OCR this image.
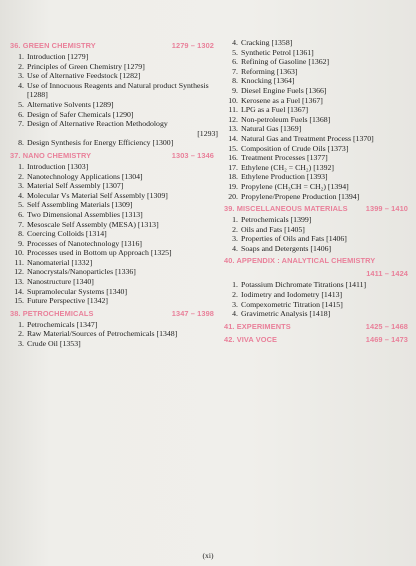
36. GREEN CHEMISTRY	1279 – 1302
1. Introduction [1279]
2. Principles of Green Chemistry [1279]
3. Use of Alternative Feedstock [1282]
4. Use of Innocuous Reagents and Natural product Synthesis [1288]
5. Alternative Solvents [1289]
6. Design of Safer Chemicals [1290]
7. Design of Alternative Reaction Methodology
[1293]
8. Design Synthesis for Energy Efficiency [1300]
37. NANO CHEMISTRY	1303 – 1346
1. Introduction [1303]
2. Nanotechnology Applications [1304]
3. Material Self Assembly [1307]
4. Molecular Vs Material Self Assembly [1309]
5. Self Assembling Materials [1309]
6. Two Dimensional Assemblies [1313]
7. Mesoscale Self Assembly (MESA) [1313]
8. Coercing Colloids [1314]
9. Processes of Nanotechnology [1316]
10. Processes used in Bottom up Approach [1325]
11. Nanomaterial [1332]
12. Nanocrystals/Nanoparticles [1336]
13. Nanostructure [1340]
14. Supramolecular Systems [1340]
15. Future Perspective [1342]
38. PETROCHEMICALS	1347 – 1398
1. Petrochemicals [1347]
2. Raw Material/Sources of Petrochemicals [1348]
3. Crude Oil [1353]
4. Cracking [1358]
5. Synthetic Petrol [1361]
6. Refining of Gasoline [1362]
7. Reforming [1363]
8. Knocking [1364]
9. Diesel Engine Fuels [1366]
10. Kerosene as a Fuel [1367]
11. LPG as a Fuel [1367]
12. Non-petroleum Fuels [1368]
13. Natural Gas [1369]
14. Natural Gas and Treatment Process [1370]
15. Composition of Crude Oils [1373]
16. Treatment Processes [1377]
17. Ethylene (CH₂ = CH₂) [1392]
18. Ethylene Production [1393]
19. Propylene (CH₃CH = CH₂) [1394]
20. Propylene/Propene Production [1394]
39. MISCELLANEOUS MATERIALS 1399 – 1410
1. Petrochemicals [1399]
2. Oils and Fats [1405]
3. Properties of Oils and Fats [1406]
4. Soaps and Detergents [1406]
40. APPENDIX : ANALYTICAL CHEMISTRY
1411 – 1424
1. Potassium Dichromate Titrations [1411]
2. Iodimetry and Iodometry [1413]
3. Compexometric Titration [1415]
4. Gravimetric Analysis [1418]
41. EXPERIMENTS	1425 – 1468
42. VIVA VOCE	1469 – 1473
(xi)
